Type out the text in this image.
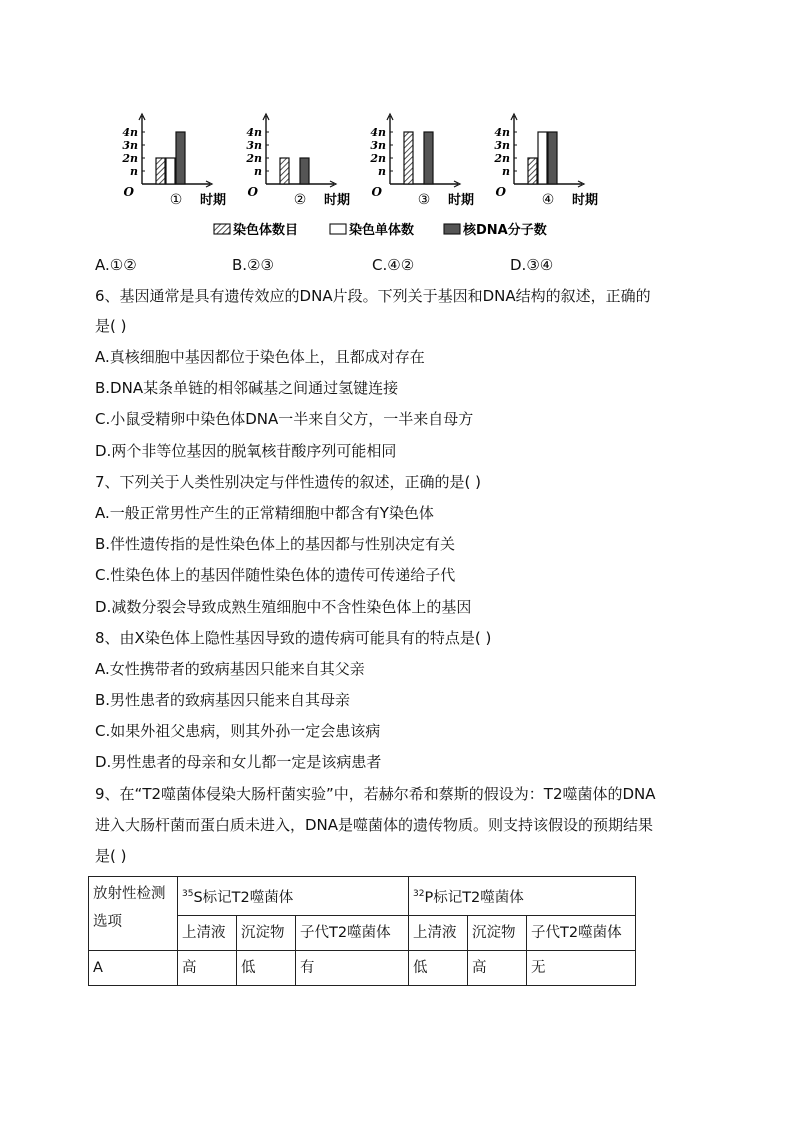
4n
3n
2n
n
O	① 时期
4n
3n
2n
n
O	② 时期
4n
3n
2n
n
O	③ 时期
4n
3n
2n
n
O	④ 时期
染色体数目	染色单体数	核DNA分子数
A.①②	B.②③	C.④②	D.③④
6、基因通常是具有遗传效应的DNA片段。下列关于基因和DNA结构的叙述，正确的
是( )
A.真核细胞中基因都位于染色体上，且都成对存在
B.DNA某条单链的相邻碱基之间通过氢键连接
C.小鼠受精卵中染色体DNA一半来自父方，一半来自母方
D.两个非等位基因的脱氧核苷酸序列可能相同
7、下列关于人类性别决定与伴性遗传的叙述，正确的是( )
A.一般正常男性产生的正常精细胞中都含有Y染色体
B.伴性遗传指的是性染色体上的基因都与性别决定有关
C.性染色体上的基因伴随性染色体的遗传可传递给子代
D.减数分裂会导致成熟生殖细胞中不含性染色体上的基因
8、由X染色体上隐性基因导致的遗传病可能具有的特点是( )
A.女性携带者的致病基因只能来自其父亲
B.男性患者的致病基因只能来自其母亲
C.如果外祖父患病，则其外孙一定会患该病
D.男性患者的母亲和女儿都一定是该病患者
9、在“T2噬菌体侵染大肠杆菌实验”中，若赫尔希和蔡斯的假设为：T2噬菌体的DNA
进入大肠杆菌而蛋白质未进入，DNA是噬菌体的遗传物质。则支持该假设的预期结果
是( )
放射性检测选项	$^{35}$S标记T2噬菌体			$^{32}$P标记T2噬菌体		
	上清液	沉淀物	子代T2噬菌体	上清液	沉淀物	子代T2噬菌体
A	高	低	有	低	高	无
